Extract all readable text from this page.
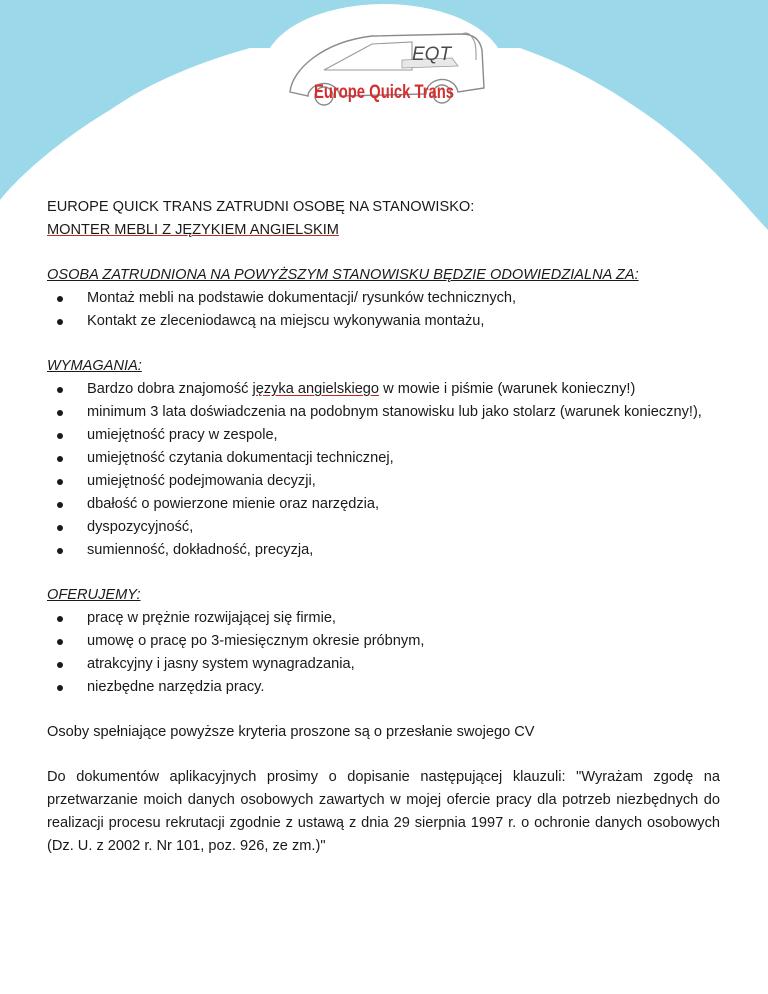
EQT
Europe Quick Trans
EUROPE QUICK TRANS ZATRUDNI OSOBĘ NA STANOWISKO:
MONTER MEBLI Z JĘZYKIEM ANGIELSKIM
OSOBA ZATRUDNIONA NA POWYŻSZYM STANOWISKU BĘDZIE ODOWIEDZIALNA ZA:
Montaż mebli na podstawie dokumentacji/ rysunków technicznych,
Kontakt ze zleceniodawcą na miejscu wykonywania montażu,
WYMAGANIA:
Bardzo dobra znajomość języka angielskiego w mowie i piśmie (warunek konieczny!)
minimum 3 lata doświadczenia na podobnym stanowisku lub jako stolarz (warunek konieczny!),
umiejętność pracy w zespole,
umiejętność czytania dokumentacji technicznej,
umiejętność podejmowania decyzji,
dbałość o powierzone mienie oraz narzędzia,
dyspozycyjność,
sumienność, dokładność, precyzja,
OFERUJEMY:
pracę w prężnie rozwijającej się firmie,
umowę o pracę po 3-miesięcznym okresie próbnym,
atrakcyjny i jasny system wynagradzania,
niezbędne narzędzia pracy.
Osoby spełniające powyższe kryteria proszone są o przesłanie swojego CV
Do dokumentów aplikacyjnych prosimy o dopisanie następującej klauzuli: "Wyrażam zgodę na przetwarzanie moich danych osobowych zawartych w mojej ofercie pracy dla potrzeb niezbędnych do realizacji procesu rekrutacji zgodnie z ustawą z dnia 29 sierpnia 1997 r. o ochronie danych osobowych (Dz. U. z 2002 r. Nr 101, poz. 926, ze zm.)"
